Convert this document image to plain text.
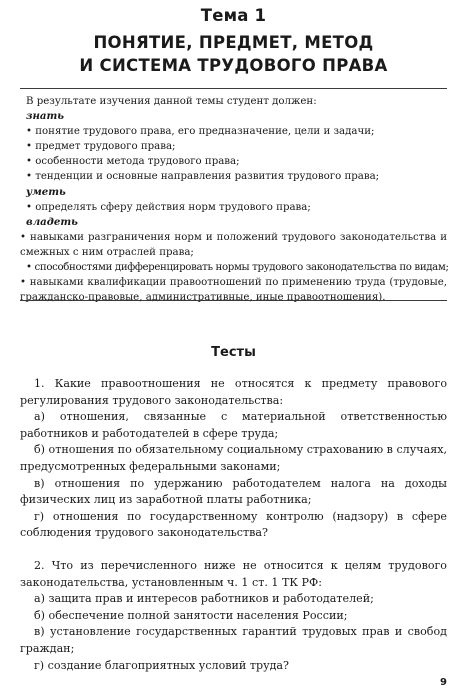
Тема 1
ПОНЯТИЕ, ПРЕДМЕТ, МЕТОД
И СИСТЕМА ТРУДОВОГО ПРАВА
В результате изучения данной темы студент должен:
знать
• понятие трудового права, его предназначение, цели и задачи;
• предмет трудового права;
• особенности метода трудового права;
• тенденции и основные направления развития трудового права;
уметь
• определять сферу действия норм трудового права;
владеть
• навыками разграничения норм и положений трудового законодательства и смежных с ним отраслей права;
• способностями дифференцировать нормы трудового законодательства по видам;
• навыками квалификации правоотношений по применению труда (трудовые, гражданско-правовые, административные, иные правоотношения).
Тесты

1. Какие правоотношения не относятся к предмету правового регулирования трудового законодательства:

а) отношения, связанные с материальной ответственностью работников и работодателей в сфере труда;

б) отношения по обязательному социальному страхованию в случаях, предусмотренных федеральными законами;

в) отношения по удержанию работодателем налога на доходы физических лиц из заработной платы работника;

г) отношения по государственному контролю (надзору) в сфере соблюдения трудового законодательства?

2. Что из перечисленного ниже не относится к целям трудового законодательства, установленным ч. 1 ст. 1 ТК РФ:

а) защита прав и интересов работников и работодателей;

б) обеспечение полной занятости населения России;

в) установление государственных гарантий трудовых прав и свобод граждан;

г) создание благоприятных условий труда?

9
